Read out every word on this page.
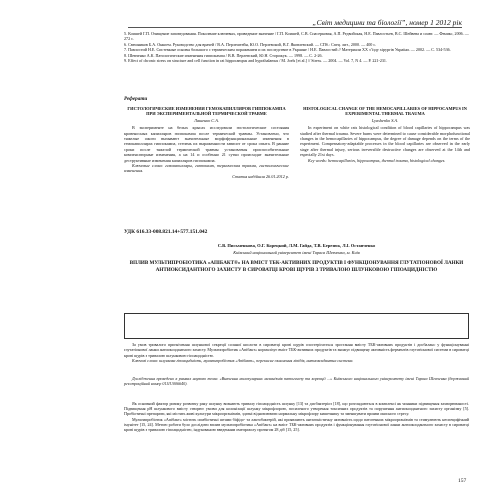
„Світ медицини та біології”, номер 1 2012 рік

5. Коишей Г.П. Очищение заповедования. Поколение ключевых, приведение значение / Г.П. Коишей, С.В. Спасерковая, А.П. Редвойская, Н.Е. Павлостьев, В.С. Шейвева и соавт. — Феникс, 2006. — 272 с.

6. Свешников Б.А. Онкоем. Руководство для врачей / В.А. Перлештейн, Ю.О. Перлевский, В.Г. Яковлевский. — СПб.: Спец. лит., 2000. — 400 с.

7. Павлостий Н.Е. Системные основы большого с термическим поражением и их последствие в Украине / Н.Е. Павлостий // Материали ХХ з’їзду хірургів України. — 2002. — С. 534-536.

8. Шевченко А.К. Патологические изменения гиппокампа / В.В. Перлевский, Ю.Н. Сторожук. — 1998. — С. 2-26.

9. Effect of chronic stress on structure and cell function in rat hippocampus and hypothalamus / M. Joels [et al.] // Stress. — 2004. — Vol. 7, N 4. — P. 221-231.

Реферати
ГИСТОЛОГИЧЕСКИЕ ИЗМЕНЕНИЯ ГЕМОКАПИЛЛЯРОВ ГИППОКАМПА ПРИ ЭКСПЕРИМЕНТАЛЬНОЙ ТЕРМИЧЕСКОЙ ТРАВМЕ
Ляшенко С.А.

В эксперименте на белых крысах исследовали гистологические состояния кровеносных капилляров гиппокампа после термической травмы. Установлено, что тяжелые ожоги вызывают значительные морфофункциональные изменения в гемокапиллярах гиппокампа, степень их выраженности зависит от срока опыта. В ранние сроки после тяжелой термической травмы установлены приспособительные компенсаторные изменения, а на 14 и особенно 21 сутки происходят значительные деструктивные изменения капилляров гиппокампа.

Ключевые слова: гемокапилляры, гиппокамп, термическая травма, гистологические изменения.

Статья надійшла 26.01.2012 р.

HISTOLOGICAL CHANGE OF THE HEMOCAPILLARIES OF HIPPOCAMPUS IN EXPERIMENTAL THERMAL TRAUMA
Lyashenko S.A.

In experiment on white rats histological condition of blood capillaries of hippocampus was studied after thermal trauma. Severe burns were determined to cause considerable morphofunctional changes in the hemocapillaries of hippocampus, the degree of damage depends on the terms of the experiment. Compensatory-adaptable processes in the blood capillaries are observed in the early stage after thermal injury, serious irreversible destructive changes are observed at the 14th and especially 21st days.

Key words: hemocapillaries, hippocampus, thermal trauma, histological changes.

УДК 616.33-008.821.14+577.151.042
С.В. Письменкова, О.Г. Корецкий, Л.М. Гайда, Т.В. Березюк, Л.І. Остапченко
Київський національний університет імені Тараса Шевченка, м. Київ
ВПЛИВ МУЛЬТИПРОБІОТИКА «АПІБАКТ®» НА ВМІСТ ТБК-АКТИВНИХ ПРОДУКТІВ І ФУНКЦІОНУВАННЯ ГЛУТАТІОНОВОЇ ЛАНКИ АНТИОКСИДАНТНОГО ЗАХИСТУ В СИРОВАТЦІ КРОВІ ЩУРІВ З ТРИВАЛОЮ ШЛУНКОВОЮ ГІПОАЦИДНІСТЮ

За умов тривалого пригнічення шлункової секреції соляної кислоти в сироватці крові щурів спостерігається зростання вмісту ТБК-активних продуктів і дисбаланс у функціонуванні глутатіонової ланки антиоксидантного захисту. Мультипробіотик «Апібакт» нормалізує вміст ТБК-активних продуктів та знижує підвищену активність ферментів глутатіонової системи в сироватці крові щурів з тривалою шлунковою гіпоацидністю.

Ключові слова: шлункова гіпоацидність, мультипробіотик «Апібакт», перекисне окиснення ліпідів, антиоксидантна система.

Дослідження проведено в рамках науково теми: «Вивчення молекулярних механізмів патогенезу та корекції ...» Київського національного університету імені Тараса Шевченка (державний реєстраційний номер 0111U006640).

Як основний фактор ризику розвитку раку шлунку визнають тривалу гіпоацидність шлунку [13] та дисбактеріоз [18], що розглядаються в комплексі як чинники підвищення захворюваності. Підвищення pH шлункового вмісту створює умови для колонізації шлунку мікрофлорою, посиленого утворення токсичних продуктів та порушення антиоксидантного захисту організму [5]. Пробіотичні препарати, які містять живі культури мікроорганізмів, здатні відновлювати нормальну мікрофлору кишечнику та зменшувати прояви окисного стресу.

Мультипробіотик «Апібакт» містить симбіотичні штами біфідо- та лактобактерій, які проявляють антагоністичну активність щодо патогенних мікроорганізмів та стимулюють неспецифічний імунітет [15, 24]. Метою роботи було дослідити вплив мультипробіотика «Апібакт» на вміст ТБК-активних продуктів і функціонування глутатіонової ланки антиоксидантного захисту в сироватці крові щурів з тривалою гіпоацидністю, індукованою введенням омепразолу протягом 28 діб [15, 25].

157
